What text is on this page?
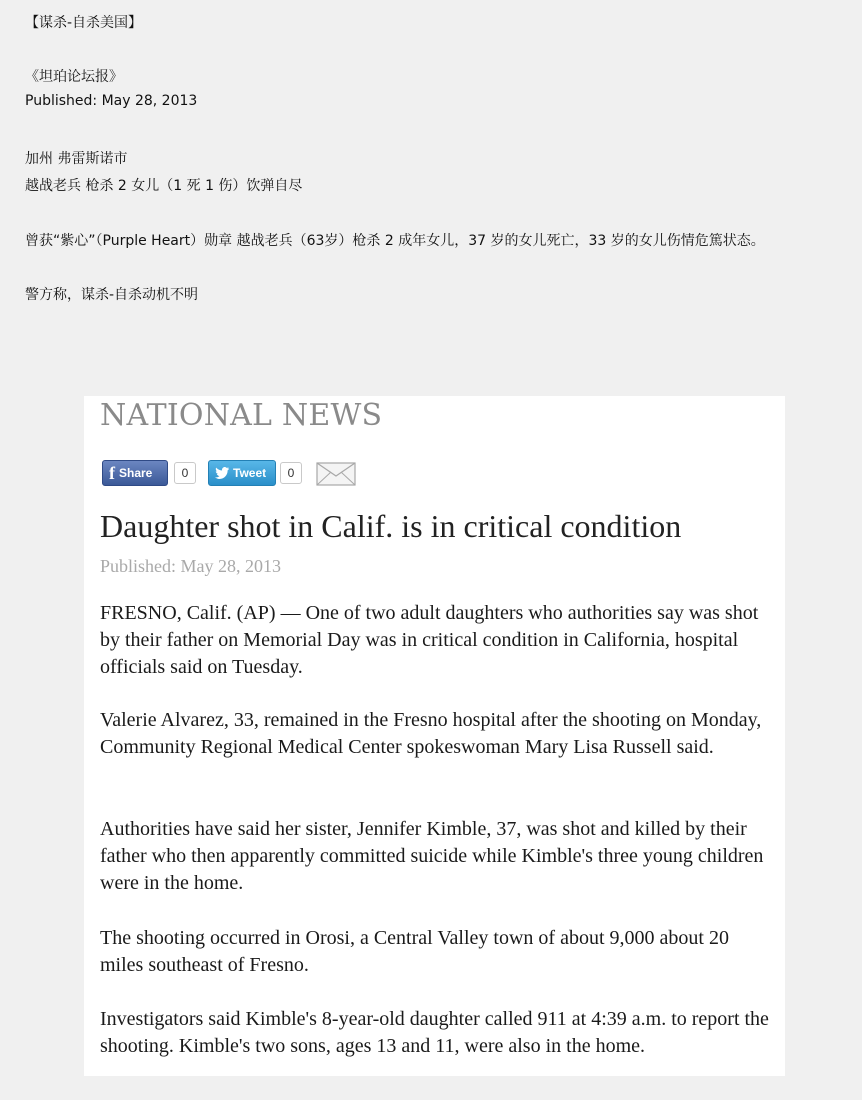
【谋杀-自杀美国】
《坦珀论坛报》
Published: May 28, 2013
加州 弗雷斯诺市
越战老兵 枪杀 2 女儿（1 死 1 伤）饮弹自尽
曾获“紫心”（Purple Heart）勋章 越战老兵（63岁）枪杀 2 成年女儿，37 岁的女儿死亡，33 岁的女儿伤情危篤状态。
警方称，谋杀-自杀动机不明
NATIONAL NEWS
f Share	0	Tweet	0
Daughter shot in Calif. is in critical condition
Published: May 28, 2013

FRESNO, Calif. (AP) — One of two adult daughters who authorities say was shot by their father on Memorial Day was in critical condition in California, hospital officials said on Tuesday.

Valerie Alvarez, 33, remained in the Fresno hospital after the shooting on Monday, Community Regional Medical Center spokeswoman Mary Lisa Russell said.

Authorities have said her sister, Jennifer Kimble, 37, was shot and killed by their father who then apparently committed suicide while Kimble's three young children were in the home.

The shooting occurred in Orosi, a Central Valley town of about 9,000 about 20 miles southeast of Fresno.

Investigators said Kimble's 8-year-old daughter called 911 at 4:39 a.m. to report the shooting. Kimble's two sons, ages 13 and 11, were also in the home.
